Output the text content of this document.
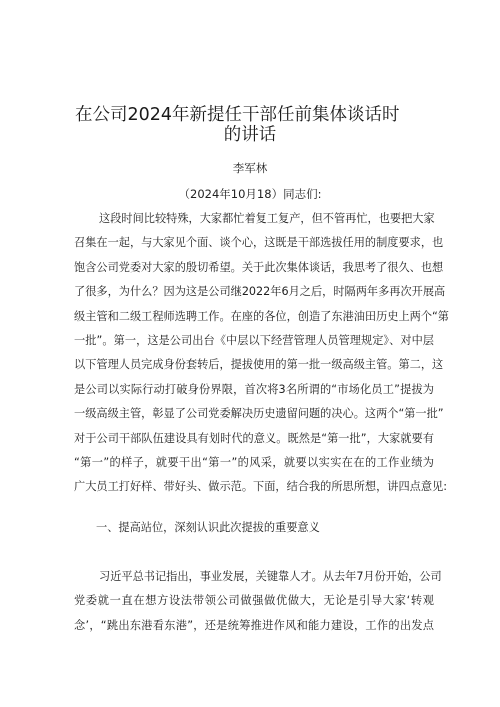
在公司2024年新提任干部任前集体谈话时
的讲话
李军林
（2024年10月18）同志们:
这段时间比较特殊，大家都忙着复工复产，但不管再忙，也要把大家
召集在一起，与大家见个面、谈个心，这既是干部选拔任用的制度要求，也
饱含公司党委对大家的殷切希望。关于此次集体谈话，我思考了很久、也想
了很多，为什么？因为这是公司继2022年6月之后，时隔两年多再次开展高
级主管和二级工程师选聘工作。在座的各位，创造了东港油田历史上两个“第
一批”。第一，这是公司出台《中层以下经营管理人员管理规定》、对中层
以下管理人员完成身份套转后，提拔使用的第一批一级高级主管。第二，这
是公司以实际行动打破身份界限，首次将3名所谓的“市场化员工”提拔为
一级高级主管，彰显了公司党委解决历史遗留问题的决心。这两个“第一批”
对于公司干部队伍建设具有划时代的意义。既然是“第一批”，大家就要有
“第一”的样子，就要干出“第一”的风采，就要以实实在在的工作业绩为
广大员工打好样、带好头、做示范。下面，结合我的所思所想，讲四点意见:
一、提高站位，深刻认识此次提拔的重要意义
习近平总书记指出，事业发展，关键靠人才。从去年7月份开始，公司
党委就一直在想方设法带领公司做强做优做大，无论是引导大家‘转观
念’，“跳出东港看东港”，还是统筹推进作风和能力建设，工作的出发点
